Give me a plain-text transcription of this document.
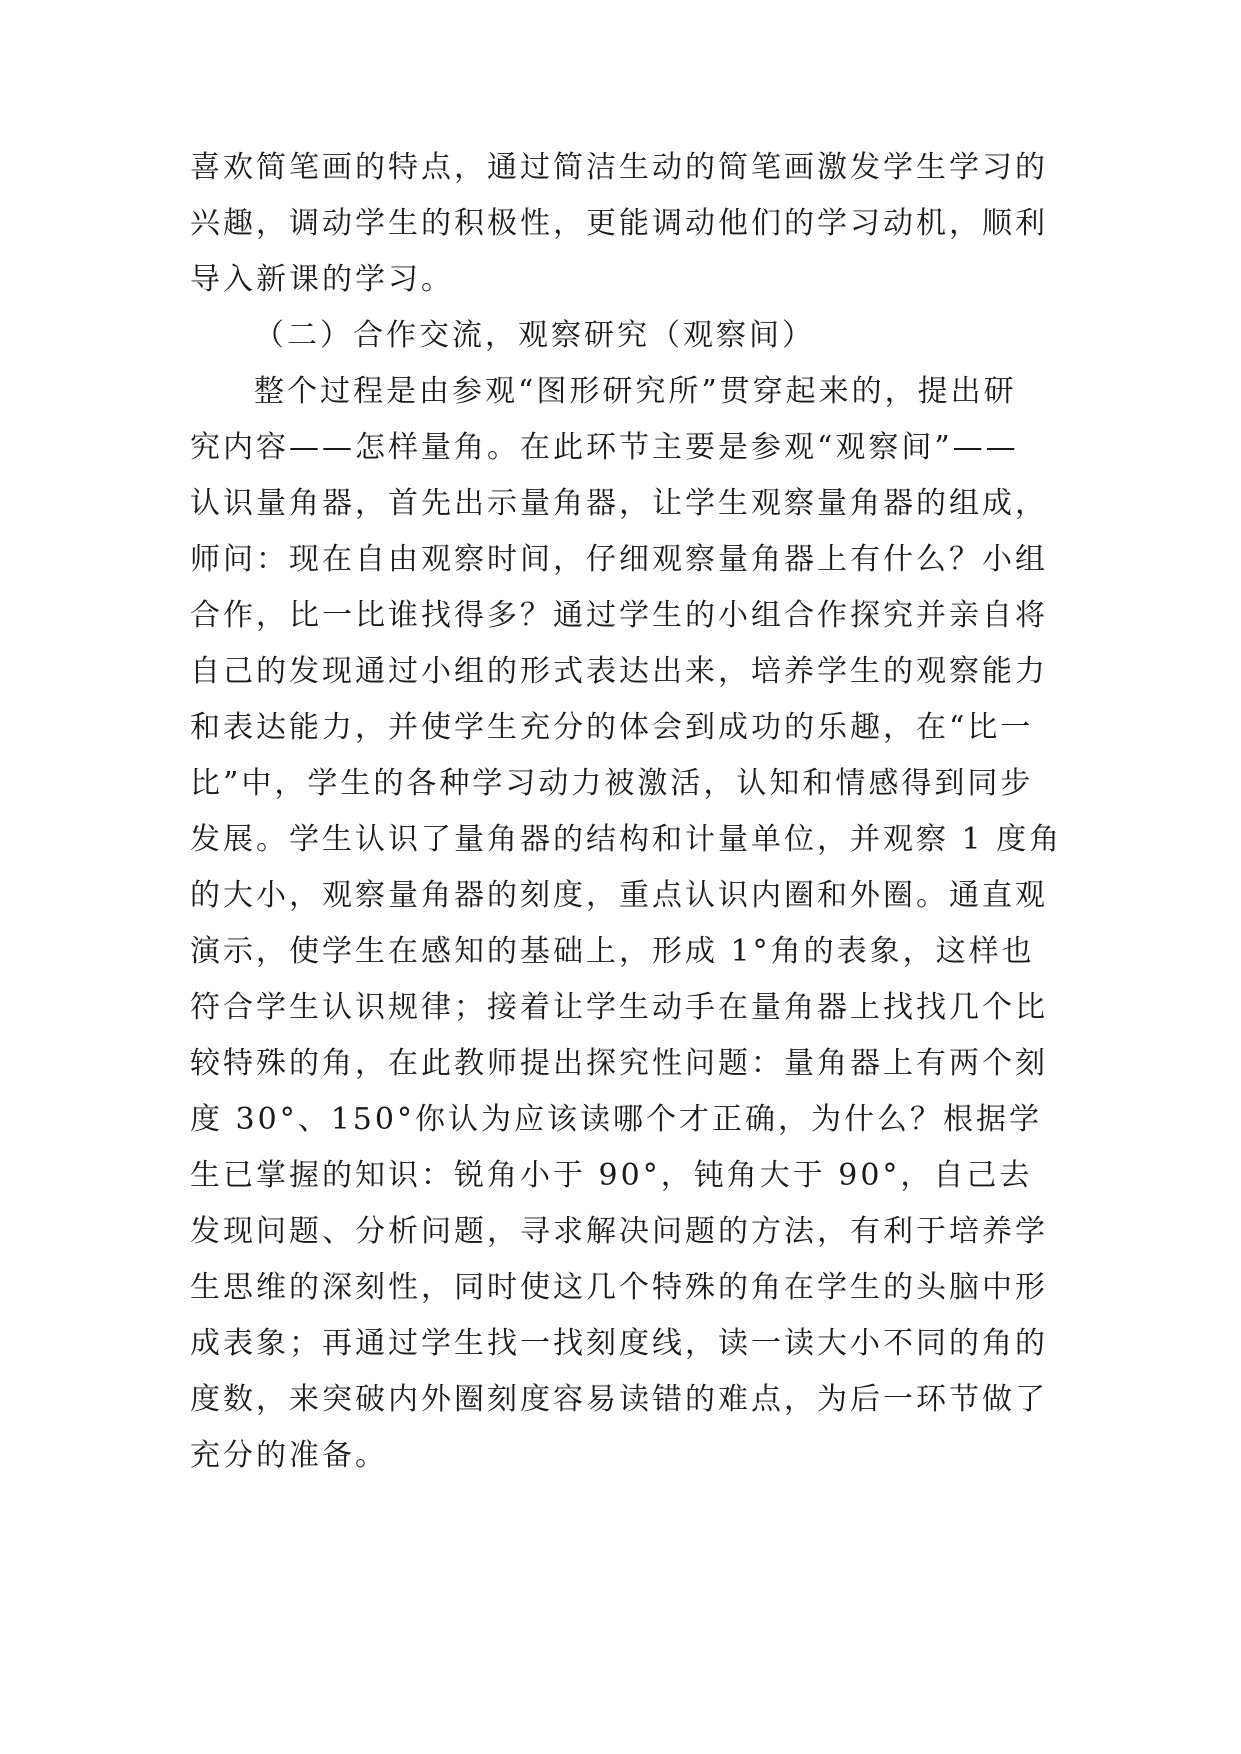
喜欢简笔画的特点，通过简洁生动的简笔画激发学生学习的
兴趣，调动学生的积极性，更能调动他们的学习动机，顺利
导入新课的学习。
（二）合作交流，观察研究（观察间）
整个过程是由参观“图形研究所”贯穿起来的，提出研
究内容——怎样量角。在此环节主要是参观“观察间”——
认识量角器，首先出示量角器，让学生观察量角器的组成，
师问：现在自由观察时间，仔细观察量角器上有什么？小组
合作，比一比谁找得多？通过学生的小组合作探究并亲自将
自己的发现通过小组的形式表达出来，培养学生的观察能力
和表达能力，并使学生充分的体会到成功的乐趣，在“比一
比”中，学生的各种学习动力被激活，认知和情感得到同步
发展。学生认识了量角器的结构和计量单位，并观察 1 度角
的大小，观察量角器的刻度，重点认识内圈和外圈。通直观
演示，使学生在感知的基础上，形成 1°角的表象，这样也
符合学生认识规律；接着让学生动手在量角器上找找几个比
较特殊的角，在此教师提出探究性问题：量角器上有两个刻
度 30°、150°你认为应该读哪个才正确，为什么？根据学
生已掌握的知识：锐角小于 90°，钝角大于 90°，自己去
发现问题、分析问题，寻求解决问题的方法，有利于培养学
生思维的深刻性，同时使这几个特殊的角在学生的头脑中形
成表象；再通过学生找一找刻度线，读一读大小不同的角的
度数，来突破内外圈刻度容易读错的难点，为后一环节做了
充分的准备。
